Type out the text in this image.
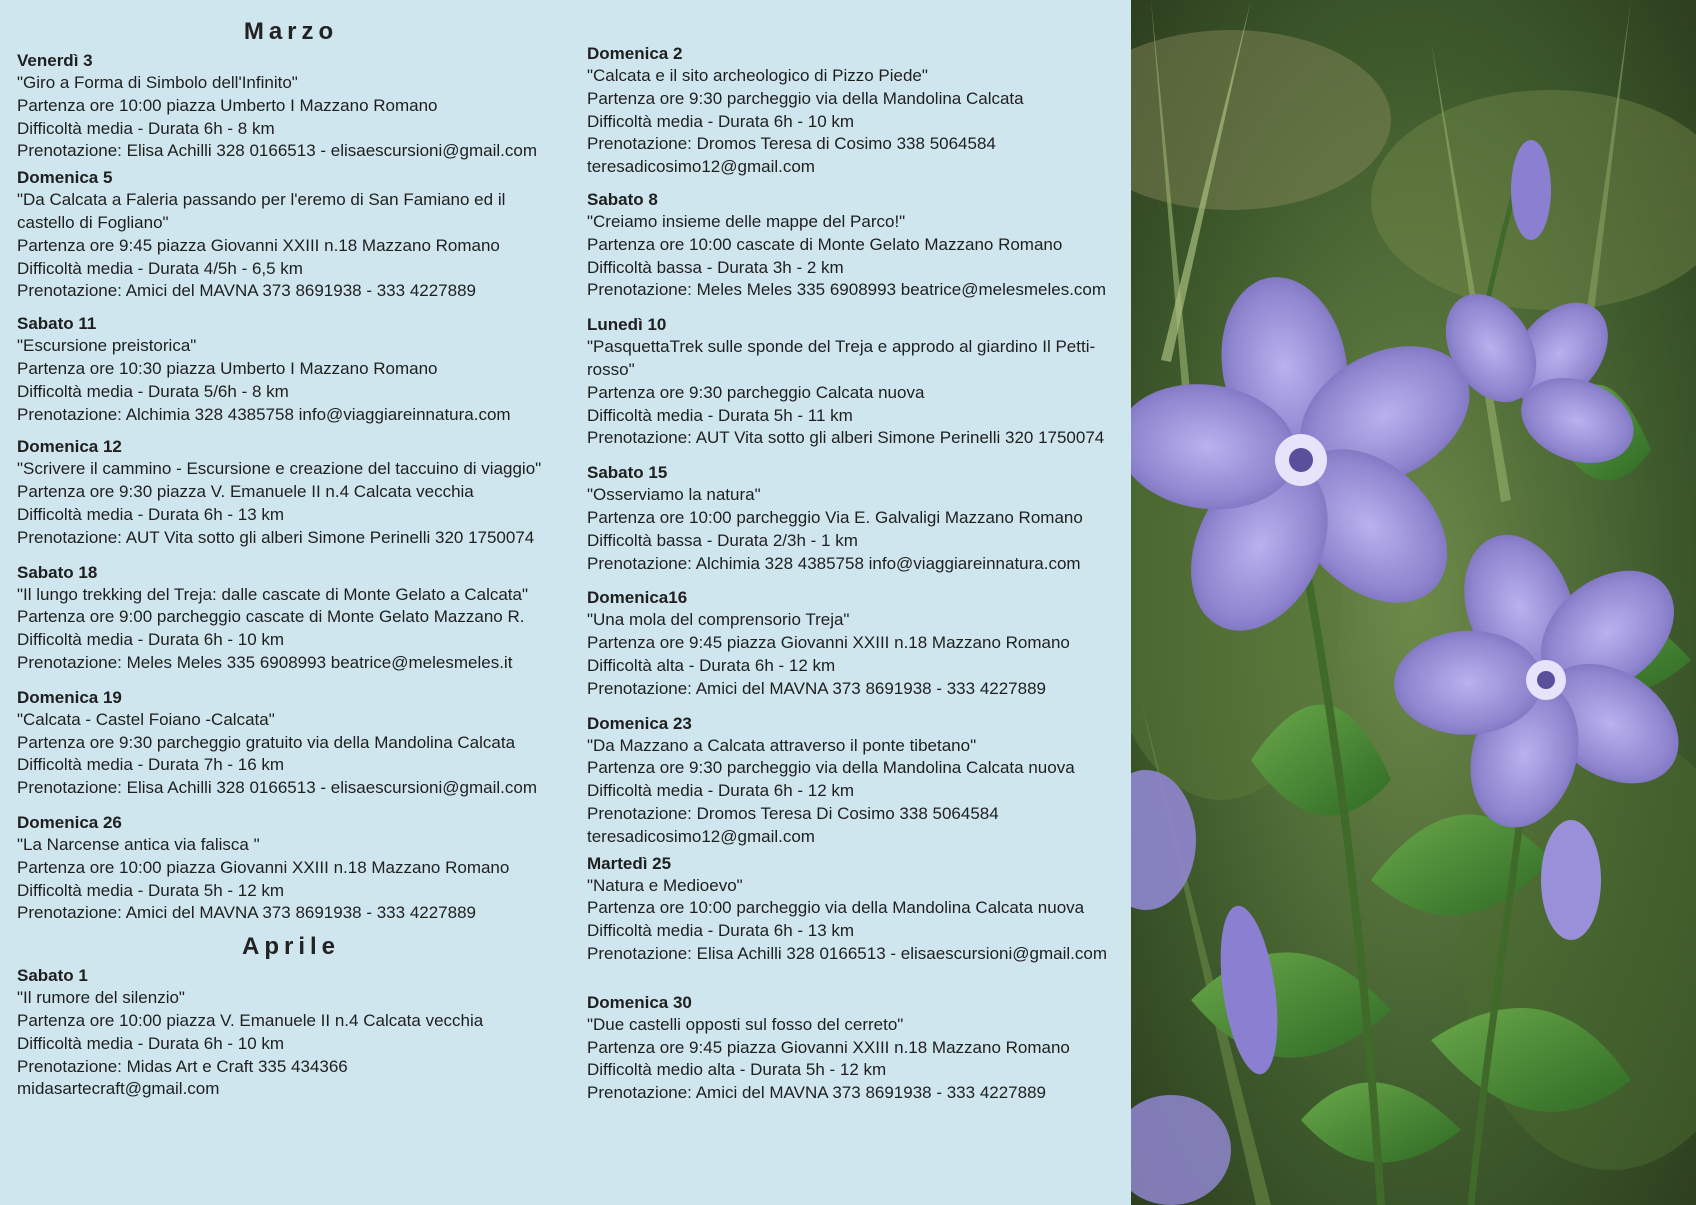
Marzo
Venerdì 3
"Giro a Forma di Simbolo dell'Infinito"
Partenza ore 10:00 piazza Umberto I Mazzano Romano
Difficoltà media - Durata 6h - 8 km
Prenotazione: Elisa Achilli 328 0166513 - elisaescursioni@gmail.com
Domenica 5
"Da Calcata a Faleria passando per l'eremo di San Famiano ed il
castello di Fogliano"
Partenza ore 9:45 piazza Giovanni XXIII n.18 Mazzano Romano
Difficoltà media - Durata 4/5h - 6,5 km
Prenotazione: Amici del MAVNA 373 8691938 - 333 4227889
Sabato 11
"Escursione preistorica"
Partenza ore 10:30 piazza Umberto I Mazzano Romano
Difficoltà media - Durata 5/6h - 8 km
Prenotazione: Alchimia 328 4385758 info@viaggiareinnatura.com
Domenica 12
"Scrivere il cammino - Escursione e creazione del taccuino di viaggio"
Partenza ore 9:30 piazza V. Emanuele II n.4 Calcata vecchia
Difficoltà media - Durata 6h - 13 km
Prenotazione: AUT Vita sotto gli alberi Simone Perinelli 320 1750074
Sabato 18
"Il lungo trekking del Treja: dalle cascate di Monte Gelato a Calcata"
Partenza ore 9:00 parcheggio cascate di Monte Gelato Mazzano R.
Difficoltà media - Durata 6h - 10 km
Prenotazione: Meles Meles 335 6908993 beatrice@melesmeles.it
Domenica 19
"Calcata - Castel Foiano -Calcata"
Partenza ore 9:30 parcheggio gratuito via della Mandolina Calcata
Difficoltà media - Durata 7h - 16 km
Prenotazione: Elisa Achilli 328 0166513 - elisaescursioni@gmail.com
Domenica 26
"La Narcense antica via falisca "
Partenza ore 10:00 piazza Giovanni XXIII n.18 Mazzano Romano
Difficoltà media - Durata 5h - 12 km
Prenotazione: Amici del MAVNA 373 8691938 - 333 4227889
Aprile
Sabato 1
"Il rumore del silenzio"
Partenza ore 10:00 piazza V. Emanuele II n.4 Calcata vecchia
Difficoltà media - Durata 6h - 10 km
Prenotazione: Midas Art e Craft 335 434366
midasartecraft@gmail.com
Domenica 2
"Calcata e il sito archeologico di Pizzo Piede"
Partenza ore 9:30 parcheggio via della Mandolina Calcata
Difficoltà media - Durata 6h - 10 km
Prenotazione: Dromos Teresa di Cosimo 338 5064584
teresadicosimo12@gmail.com
Sabato 8
"Creiamo insieme delle mappe del Parco!"
Partenza ore 10:00 cascate di Monte Gelato Mazzano Romano
Difficoltà bassa - Durata 3h - 2 km
Prenotazione: Meles Meles 335 6908993 beatrice@melesmeles.com
Lunedì 10
"PasquettaTrek sulle sponde del Treja e approdo al giardino Il Petti-
rosso"
Partenza ore 9:30 parcheggio Calcata nuova
Difficoltà media - Durata 5h - 11 km
Prenotazione: AUT Vita sotto gli alberi Simone Perinelli 320 1750074
Sabato 15
"Osserviamo la natura"
Partenza ore 10:00 parcheggio Via E. Galvaligi Mazzano Romano
Difficoltà bassa - Durata 2/3h - 1 km
Prenotazione: Alchimia 328 4385758 info@viaggiareinnatura.com
Domenica16
"Una mola del comprensorio Treja"
Partenza ore 9:45 piazza Giovanni XXIII n.18 Mazzano Romano
Difficoltà alta - Durata 6h - 12 km
Prenotazione: Amici del MAVNA 373 8691938 - 333 4227889
Domenica 23
"Da Mazzano a Calcata attraverso il ponte tibetano"
Partenza ore 9:30 parcheggio via della Mandolina Calcata nuova
Difficoltà media - Durata 6h - 12 km
Prenotazione: Dromos Teresa Di Cosimo 338 5064584
teresadicosimo12@gmail.com
Martedì 25
"Natura e Medioevo"
Partenza ore 10:00 parcheggio via della Mandolina Calcata nuova
Difficoltà media - Durata 6h - 13 km
Prenotazione: Elisa Achilli 328 0166513 - elisaescursioni@gmail.com
Domenica 30
"Due castelli opposti sul fosso del cerreto"
Partenza ore 9:45 piazza Giovanni XXIII n.18 Mazzano Romano
Difficoltà medio alta - Durata 5h - 12 km
Prenotazione: Amici del MAVNA 373 8691938 - 333 4227889
